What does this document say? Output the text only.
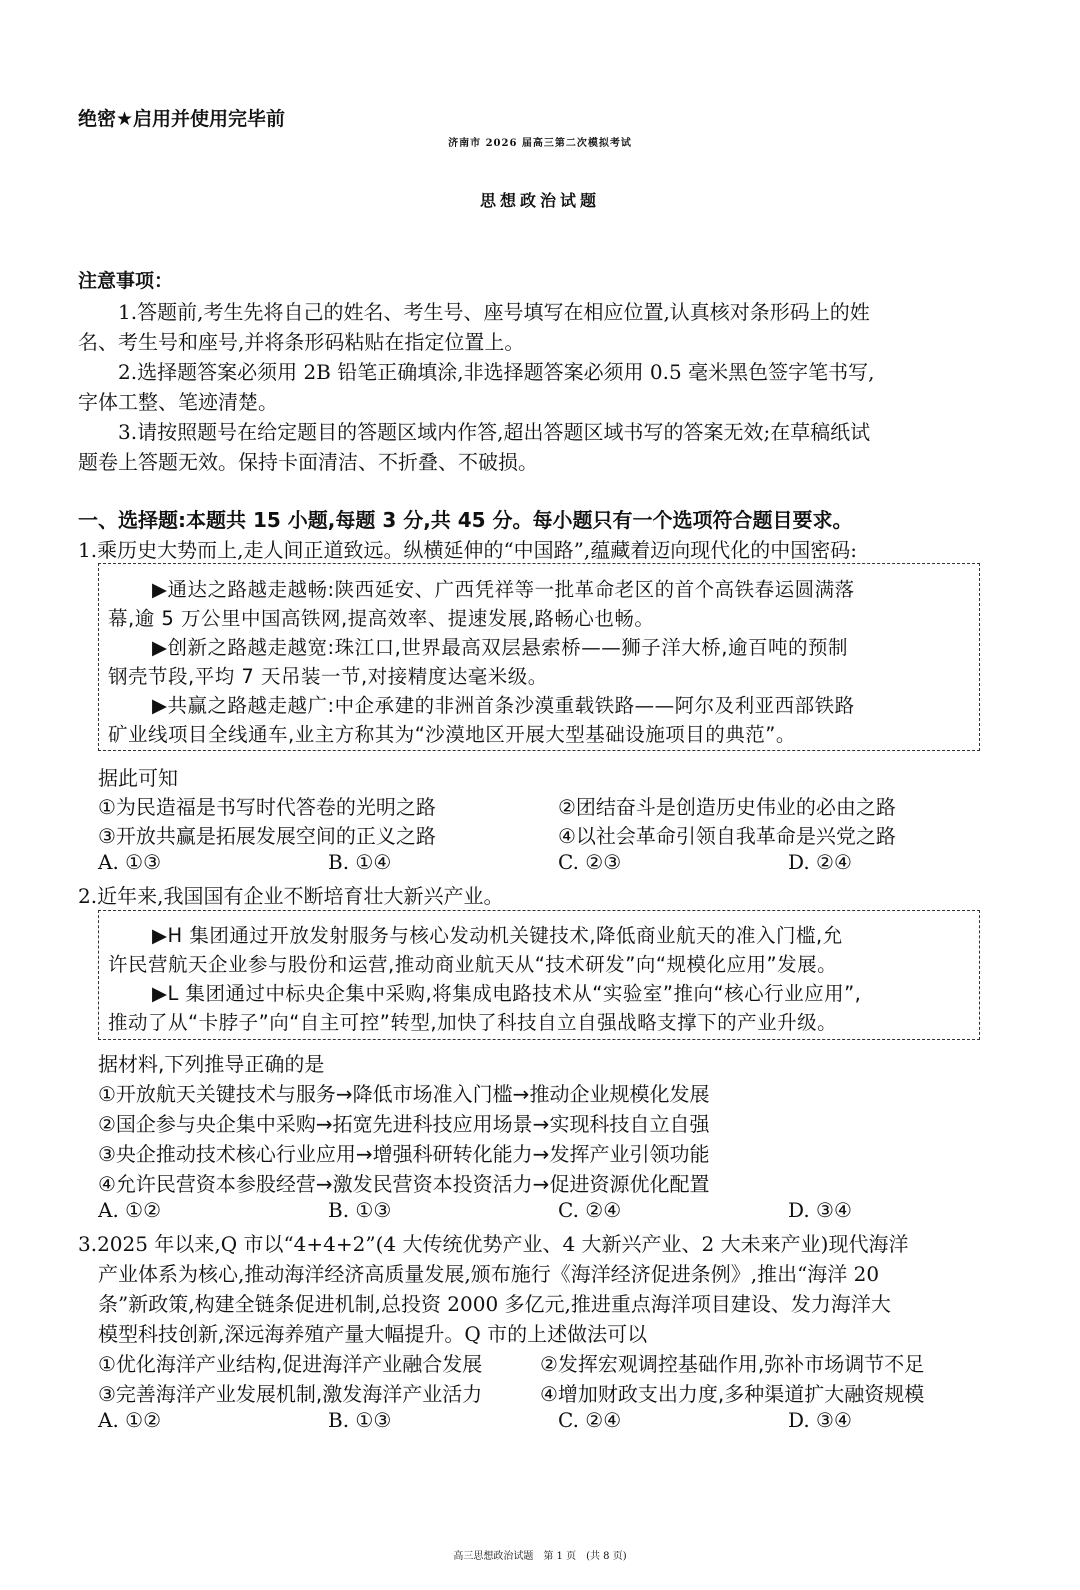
绝密★启用并使用完毕前
济南市 2026 届高三第二次模拟考试
思想政治试题
注意事项：
1.答题前,考生先将自己的姓名、考生号、座号填写在相应位置,认真核对条形码上的姓
名、考生号和座号,并将条形码粘贴在指定位置上。
2.选择题答案必须用 2B 铅笔正确填涂,非选择题答案必须用 0.5 毫米黑色签字笔书写,
字体工整、笔迹清楚。
3.请按照题号在给定题目的答题区域内作答,超出答题区域书写的答案无效;在草稿纸试
题卷上答题无效。保持卡面清洁、不折叠、不破损。
一、选择题:本题共 15 小题,每题 3 分,共 45 分。每小题只有一个选项符合题目要求。
1.乘历史大势而上,走人间正道致远。纵横延伸的“中国路”,蕴藏着迈向现代化的中国密码:
▶通达之路越走越畅:陕西延安、广西凭祥等一批革命老区的首个高铁春运圆满落
幕,逾 5 万公里中国高铁网,提高效率、提速发展,路畅心也畅。
▶创新之路越走越宽:珠江口,世界最高双层悬索桥——狮子洋大桥,逾百吨的预制
钢壳节段,平均 7 天吊装一节,对接精度达毫米级。
▶共赢之路越走越广:中企承建的非洲首条沙漠重载铁路——阿尔及利亚西部铁路
矿业线项目全线通车,业主方称其为“沙漠地区开展大型基础设施项目的典范”。
据此可知
①为民造福是书写时代答卷的光明之路	②团结奋斗是创造历史伟业的必由之路
③开放共赢是拓展发展空间的正义之路	④以社会革命引领自我革命是兴党之路
A. ①③	B. ①④	C. ②③	D. ②④
2.近年来,我国国有企业不断培育壮大新兴产业。
▶H 集团通过开放发射服务与核心发动机关键技术,降低商业航天的准入门槛,允
许民营航天企业参与股份和运营,推动商业航天从“技术研发”向“规模化应用”发展。
▶L 集团通过中标央企集中采购,将集成电路技术从“实验室”推向“核心行业应用”,
推动了从“卡脖子”向“自主可控”转型,加快了科技自立自强战略支撑下的产业升级。
据材料,下列推导正确的是
①开放航天关键技术与服务→降低市场准入门槛→推动企业规模化发展
②国企参与央企集中采购→拓宽先进科技应用场景→实现科技自立自强
③央企推动技术核心行业应用→增强科研转化能力→发挥产业引领功能
④允许民营资本参股经营→激发民营资本投资活力→促进资源优化配置
A. ①②	B. ①③	C. ②④	D. ③④
3.2025 年以来,Q 市以“4+4+2”(4 大传统优势产业、4 大新兴产业、2 大未来产业)现代海洋
产业体系为核心,推动海洋经济高质量发展,颁布施行《海洋经济促进条例》,推出“海洋 20
条”新政策,构建全链条促进机制,总投资 2000 多亿元,推进重点海洋项目建设、发力海洋大
模型科技创新,深远海养殖产量大幅提升。Q 市的上述做法可以
①优化海洋产业结构,促进海洋产业融合发展	②发挥宏观调控基础作用,弥补市场调节不足
③完善海洋产业发展机制,激发海洋产业活力	④增加财政支出力度,多种渠道扩大融资规模
A. ①②	B. ①③	C. ②④	D. ③④
高三思想政治试题　第 1 页　(共 8 页)
